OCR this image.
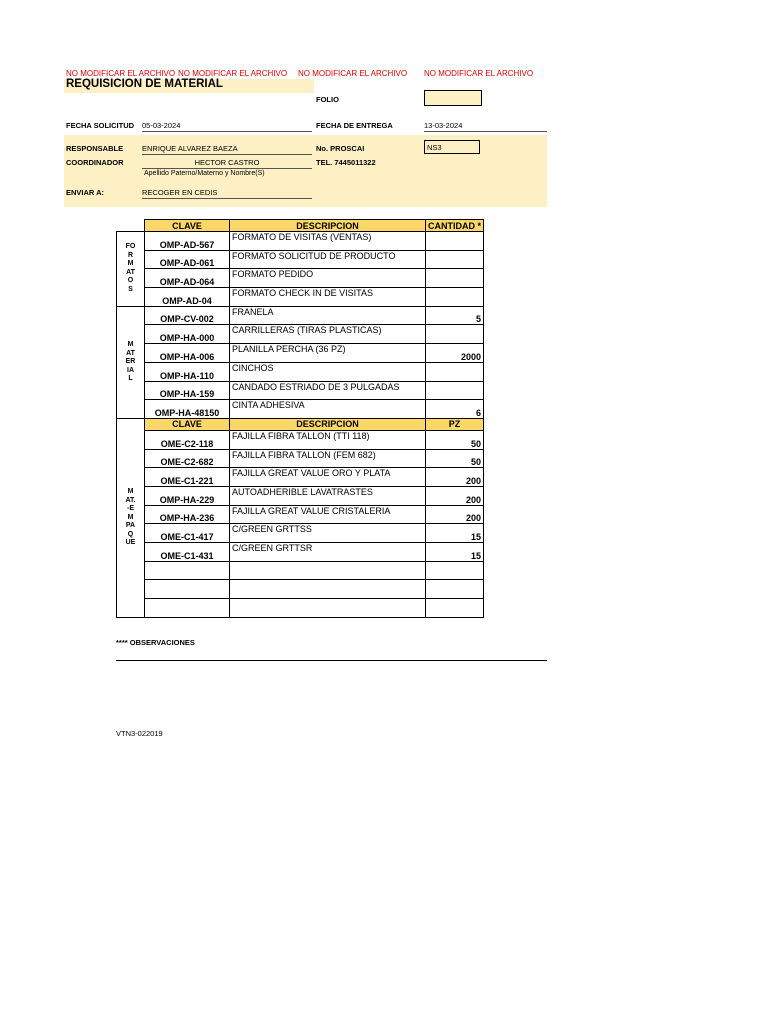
NO MODIFICAR EL ARCHIVO NO MODIFICAR EL ARCHIVO NO MODIFICAR EL ARCHIVO NO MODIFICAR EL ARCHIVO
REQUISICION DE MATERIAL
FOLIO
FECHA SOLICITUD 05-03-2024	FECHA DE ENTREGA	13-03-2024
RESPONSABLE	ENRIQUE ALVAREZ BAEZA	No. PROSCAI	NS3
COORDINADOR	HECTOR CASTRO	TEL. 7445011322
Apellido Paterno/Materno y Nombre(S)
ENVIAR A:	RECOGER EN CEDIS
	CLAVE	DESCRIPCION	CANTIDAD *
FORMATOS	OMP-AD-567	FORMATO DE VISITAS (VENTAS)	
	OMP-AD-061	FORMATO SOLICITUD DE PRODUCTO	
	OMP-AD-064	FORMATO PEDIDO	
	OMP-AD-04	FORMATO CHECK IN DE VISITAS	
MATERIAL	OMP-CV-002	FRANELA	5
	OMP-HA-000	CARRILLERAS (TIRAS PLASTICAS)	
	OMP-HA-006	PLANILLA PERCHA (36 PZ)	2000
	OMP-HA-110	CINCHOS	
	OMP-HA-159	CANDADO ESTRIADO DE 3 PULGADAS	
	OMP-HA-48150	CINTA ADHESIVA	6
MAT.-EMPAQUE	CLAVE	DESCRIPCION	PZ
	OME-C2-118	FAJILLA FIBRA TALLON (TTI 118)	50
	OME-C2-682	FAJILLA FIBRA TALLON (FEM 682)	50
	OME-C1-221	FAJILLA GREAT VALUE ORO Y PLATA	200
	OMP-HA-229	AUTOADHERIBLE LAVATRASTES	200
	OMP-HA-236	FAJILLA GREAT VALUE CRISTALERIA	200
	OME-C1-417	C/GREEN GRTTSS	15
	OME-C1-431	C/GREEN GRTTSR	15

**** OBSERVACIONES
VTN3-022019
